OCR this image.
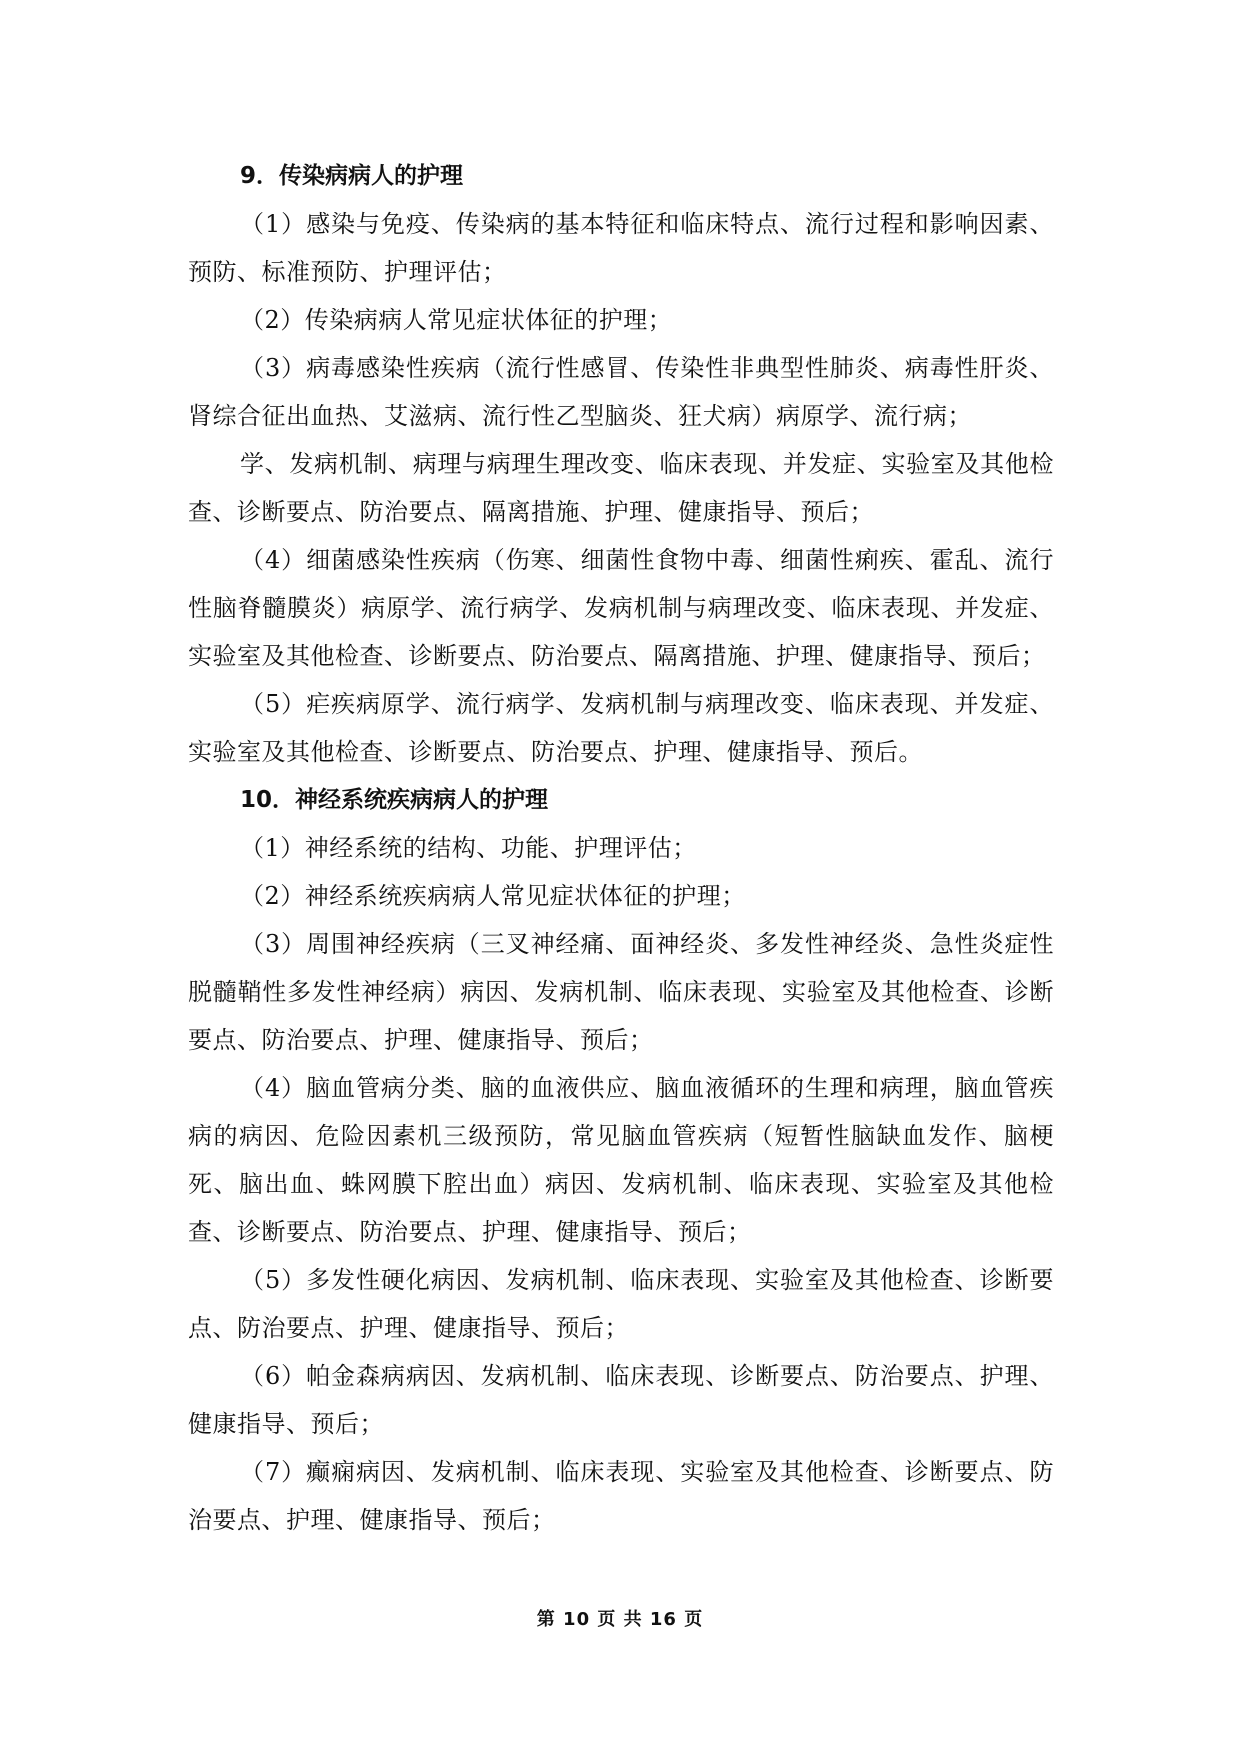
9．传染病病人的护理

（1）感染与免疫、传染病的基本特征和临床特点、流行过程和影响因素、预防、标准预防、护理评估；

（2）传染病病人常见症状体征的护理；

（3）病毒感染性疾病（流行性感冒、传染性非典型性肺炎、病毒性肝炎、肾综合征出血热、艾滋病、流行性乙型脑炎、狂犬病）病原学、流行病；

学、发病机制、病理与病理生理改变、临床表现、并发症、实验室及其他检查、诊断要点、防治要点、隔离措施、护理、健康指导、预后；

（4）细菌感染性疾病（伤寒、细菌性食物中毒、细菌性痢疾、霍乱、流行性脑脊髓膜炎）病原学、流行病学、发病机制与病理改变、临床表现、并发症、实验室及其他检查、诊断要点、防治要点、隔离措施、护理、健康指导、预后；

（5）疟疾病原学、流行病学、发病机制与病理改变、临床表现、并发症、实验室及其他检查、诊断要点、防治要点、护理、健康指导、预后。

10．神经系统疾病病人的护理

（1）神经系统的结构、功能、护理评估；

（2）神经系统疾病病人常见症状体征的护理；

（3）周围神经疾病（三叉神经痛、面神经炎、多发性神经炎、急性炎症性脱髓鞘性多发性神经病）病因、发病机制、临床表现、实验室及其他检查、诊断要点、防治要点、护理、健康指导、预后；

（4）脑血管病分类、脑的血液供应、脑血液循环的生理和病理，脑血管疾病的病因、危险因素机三级预防，常见脑血管疾病（短暂性脑缺血发作、脑梗死、脑出血、蛛网膜下腔出血）病因、发病机制、临床表现、实验室及其他检查、诊断要点、防治要点、护理、健康指导、预后；

（5）多发性硬化病因、发病机制、临床表现、实验室及其他检查、诊断要点、防治要点、护理、健康指导、预后；

（6）帕金森病病因、发病机制、临床表现、诊断要点、防治要点、护理、健康指导、预后；

（7）癫痫病因、发病机制、临床表现、实验室及其他检查、诊断要点、防治要点、护理、健康指导、预后；

第 10 页 共 16 页
